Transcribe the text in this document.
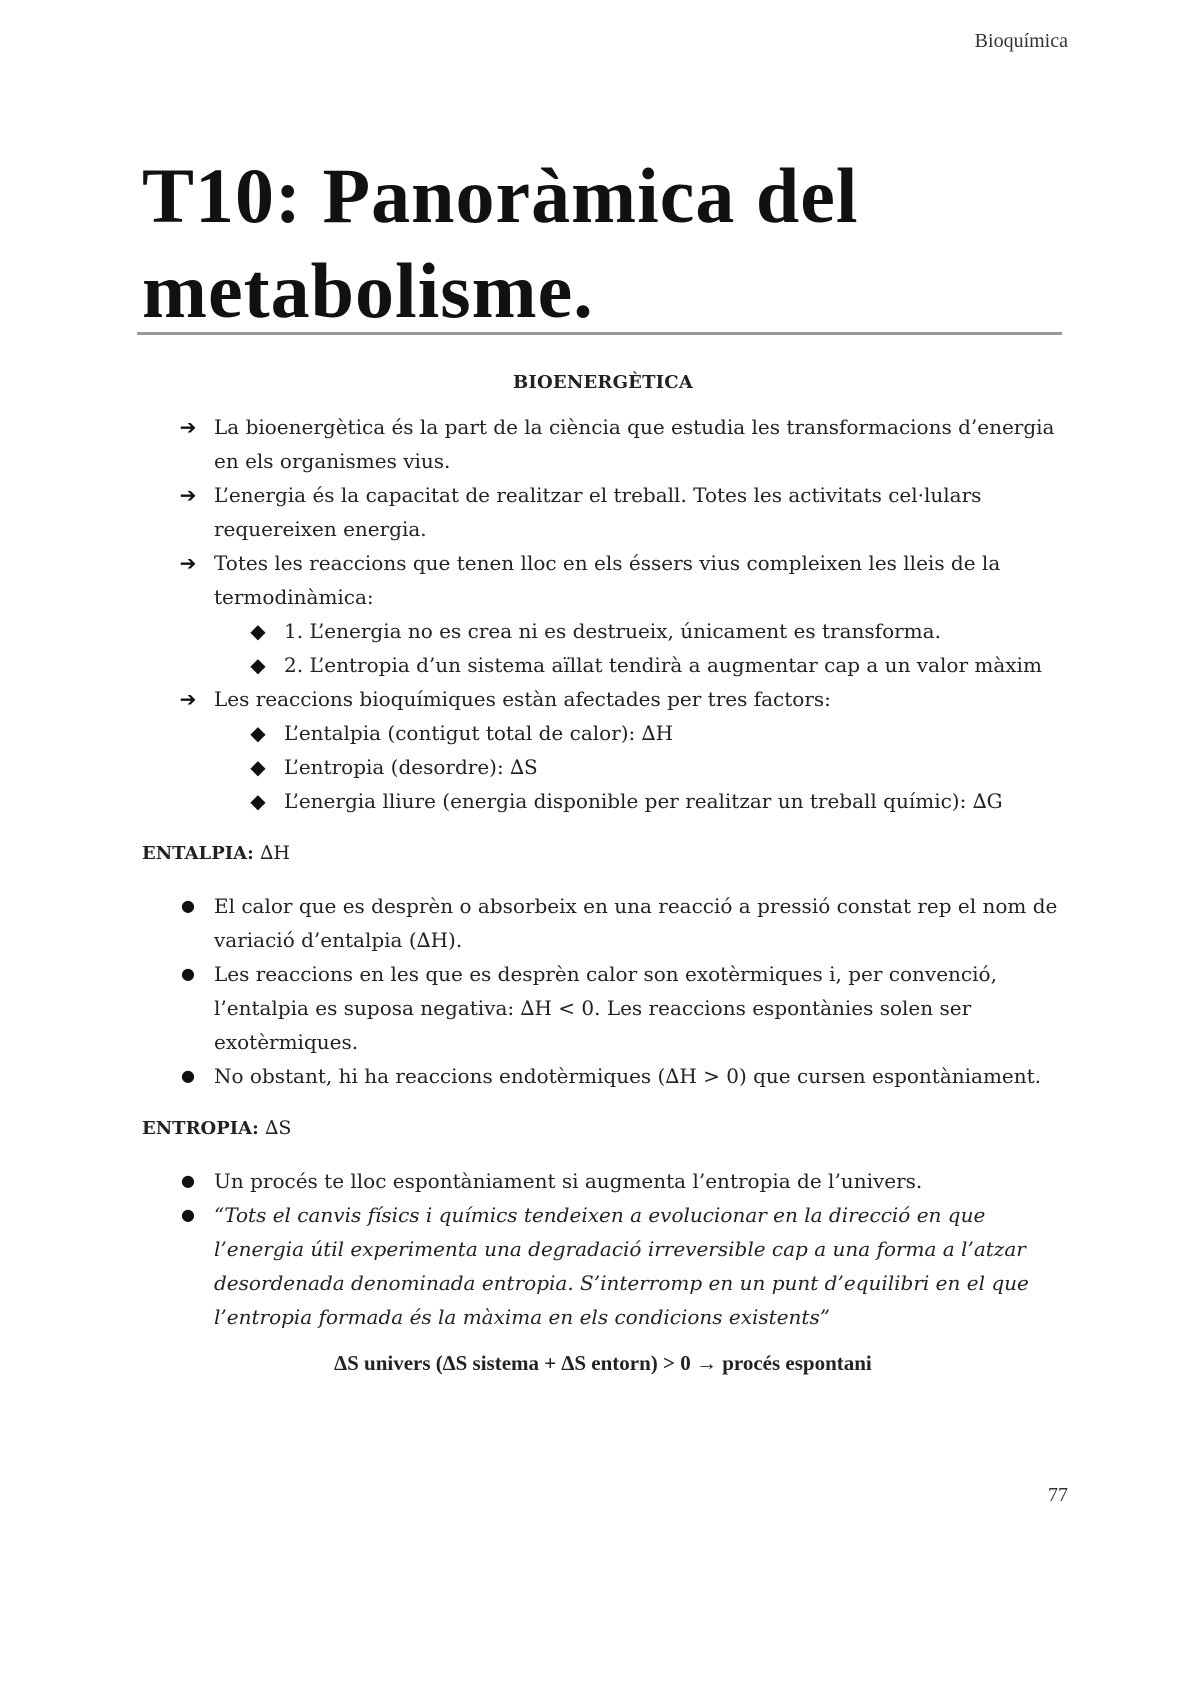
Bioquímica
T10: Panoràmica del metabolisme.
BIOENERGÈTICA
➔ La bioenergètica és la part de la ciència que estudia les transformacions d’energia en els organismes vius.
➔ L’energia és la capacitat de realitzar el treball. Totes les activitats cel·lulars requereixen energia.
➔ Totes les reaccions que tenen lloc en els éssers vius compleixen les lleis de la termodinàmica:
◆ 1. L’energia no es crea ni es destrueix, únicament es transforma.
◆ 2. L’entropia d’un sistema aïllat tendirà a augmentar cap a un valor màxim
➔ Les reaccions bioquímiques estàn afectades per tres factors:
◆ L’entalpia (contigut total de calor): ∆H
◆ L’entropia (desordre): ∆S
◆ L’energia lliure (energia disponible per realitzar un treball químic): ∆G
ENTALPIA: ∆H
● El calor que es desprèn o absorbeix en una reacció a pressió constat rep el nom de variació d’entalpia (∆H).
● Les reaccions en les que es desprèn calor son exotèrmiques i, per convenció, l’entalpia es suposa negativa: ∆H < 0. Les reaccions espontànies solen ser exotèrmiques.
● No obstant, hi ha reaccions endotèrmiques (∆H > 0) que cursen espontàniament.
ENTROPIA: ∆S
● Un procés te lloc espontàniament si augmenta l’entropia de l’univers.
● “Tots el canvis físics i químics tendeixen a evolucionar en la direcció en que l’energia útil experimenta una degradació irreversible cap a una forma a l’atzar desordenada denominada entropia. S’interromp en un punt d’equilibri en el que l’entropia formada és la màxima en els condicions existents”
∆S univers (∆S sistema + ∆S entorn) > 0 → procés espontani
77
